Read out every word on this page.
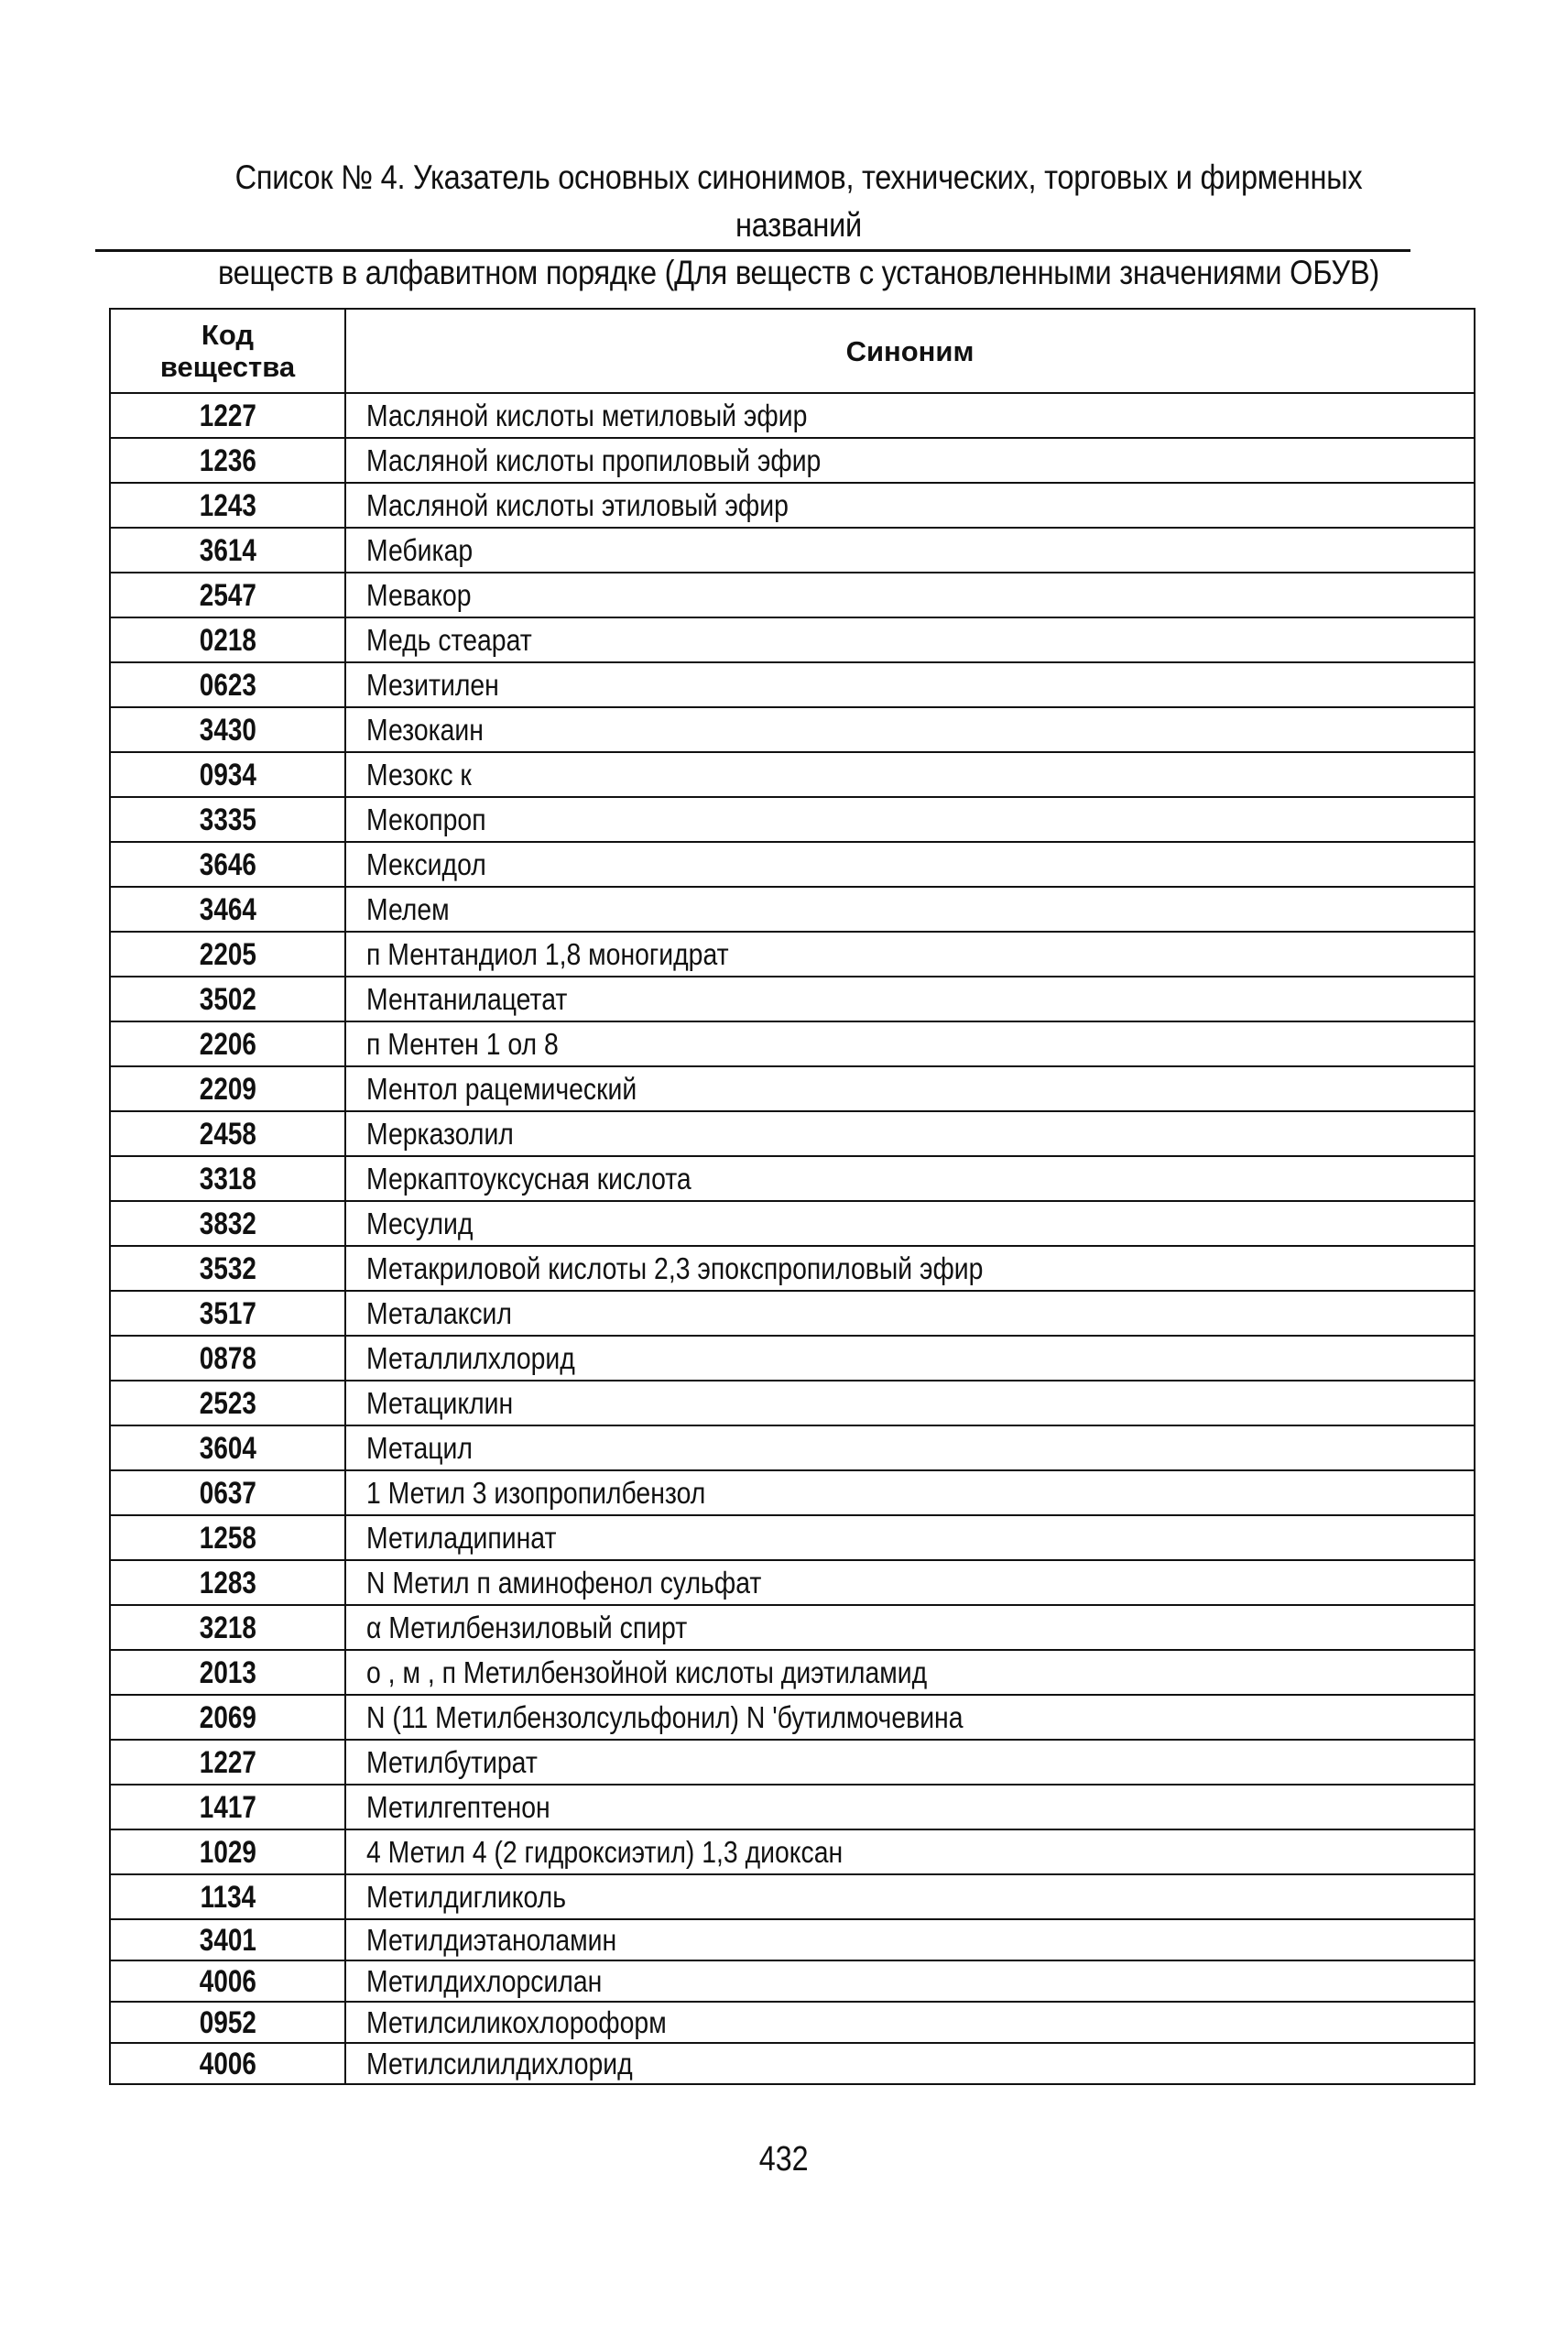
Список № 4. Указатель основных синонимов, технических, торговых и фирменных названий
веществ в алфавитном порядке (Для веществ с установленными значениями ОБУВ)
Код
вещества	Синоним
1227	Масляной кислоты метиловый эфир
1236	Масляной кислоты пропиловый эфир
1243	Масляной кислоты этиловый эфир
3614	Мебикар
2547	Мевакор
0218	Медь стеарат
0623	Мезитилен
3430	Мезокаин
0934	Мезокс к
3335	Мекопроп
3646	Мексидол
3464	Мелем
2205	п Ментандиол 1,8 моногидрат
3502	Ментанилацетат
2206	п Ментен 1 ол 8
2209	Ментол рацемический
2458	Мерказолил
3318	Меркаптоуксусная кислота
3832	Месулид
3532	Метакриловой кислоты 2,3 эпокспропиловый эфир
3517	Металаксил
0878	Металлилхлорид
2523	Метациклин
3604	Метацил
0637	1 Метил 3 изопропилбензол
1258	Метиладипинат
1283	N Метил п аминофенол сульфат
3218	α Метилбензиловый спирт
2013	о , м , п Метилбензойной кислоты диэтиламид
2069	N (11 Метилбензолсульфонил) N 'бутилмочевина
1227	Метилбутират
1417	Метилгептенон
1029	4 Метил 4 (2 гидроксиэтил) 1,3 диоксан
1134	Метилдигликоль
3401	Метилдиэтаноламин
4006	Метилдихлорсилан
0952	Метилсиликохлороформ
4006	Метилсилилдихлорид
432
